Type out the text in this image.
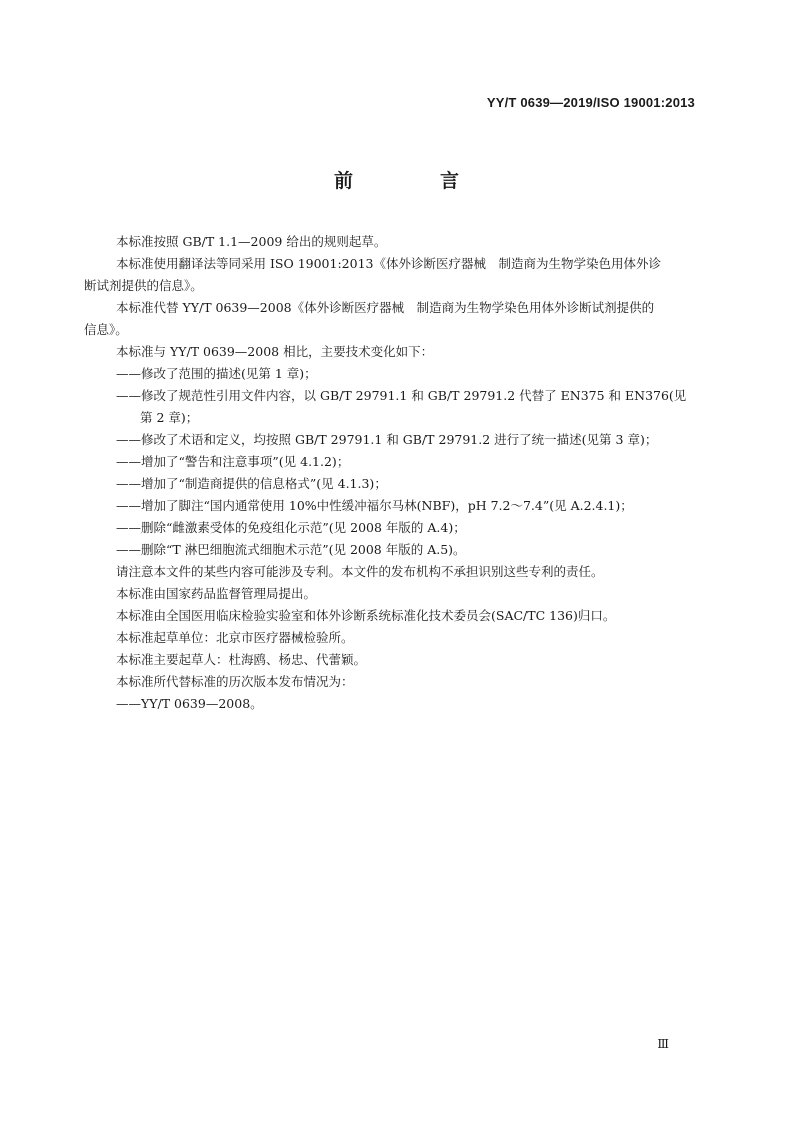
YY/T 0639—2019/ISO 19001:2013
前　言

本标准按照 GB/T 1.1—2009 给出的规则起草。

本标准使用翻译法等同采用 ISO 19001:2013《体外诊断医疗器械　制造商为生物学染色用体外诊

断试剂提供的信息》。

本标准代替 YY/T 0639—2008《体外诊断医疗器械　制造商为生物学染色用体外诊断试剂提供的

信息》。

本标准与 YY/T 0639—2008 相比，主要技术变化如下：

——修改了范围的描述(见第 1 章)；

——修改了规范性引用文件内容，以 GB/T 29791.1 和 GB/T 29791.2 代替了 EN375 和 EN376(见

第 2 章)；

——修改了术语和定义，均按照 GB/T 29791.1 和 GB/T 29791.2 进行了统一描述(见第 3 章)；

——增加了“警告和注意事项”(见 4.1.2)；

——增加了“制造商提供的信息格式”(见 4.1.3)；

——增加了脚注“国内通常使用 10%中性缓冲福尔马林(NBF)，pH 7.2～7.4”(见 A.2.4.1)；

——删除“雌激素受体的免疫组化示范”(见 2008 年版的 A.4)；

——删除“T 淋巴细胞流式细胞术示范”(见 2008 年版的 A.5)。

请注意本文件的某些内容可能涉及专利。本文件的发布机构不承担识别这些专利的责任。

本标准由国家药品监督管理局提出。

本标准由全国医用临床检验实验室和体外诊断系统标准化技术委员会(SAC/TC 136)归口。

本标准起草单位：北京市医疗器械检验所。

本标准主要起草人：杜海鸥、杨忠、代蕾颖。

本标准所代替标准的历次版本发布情况为：

——YY/T 0639—2008。

Ⅲ
